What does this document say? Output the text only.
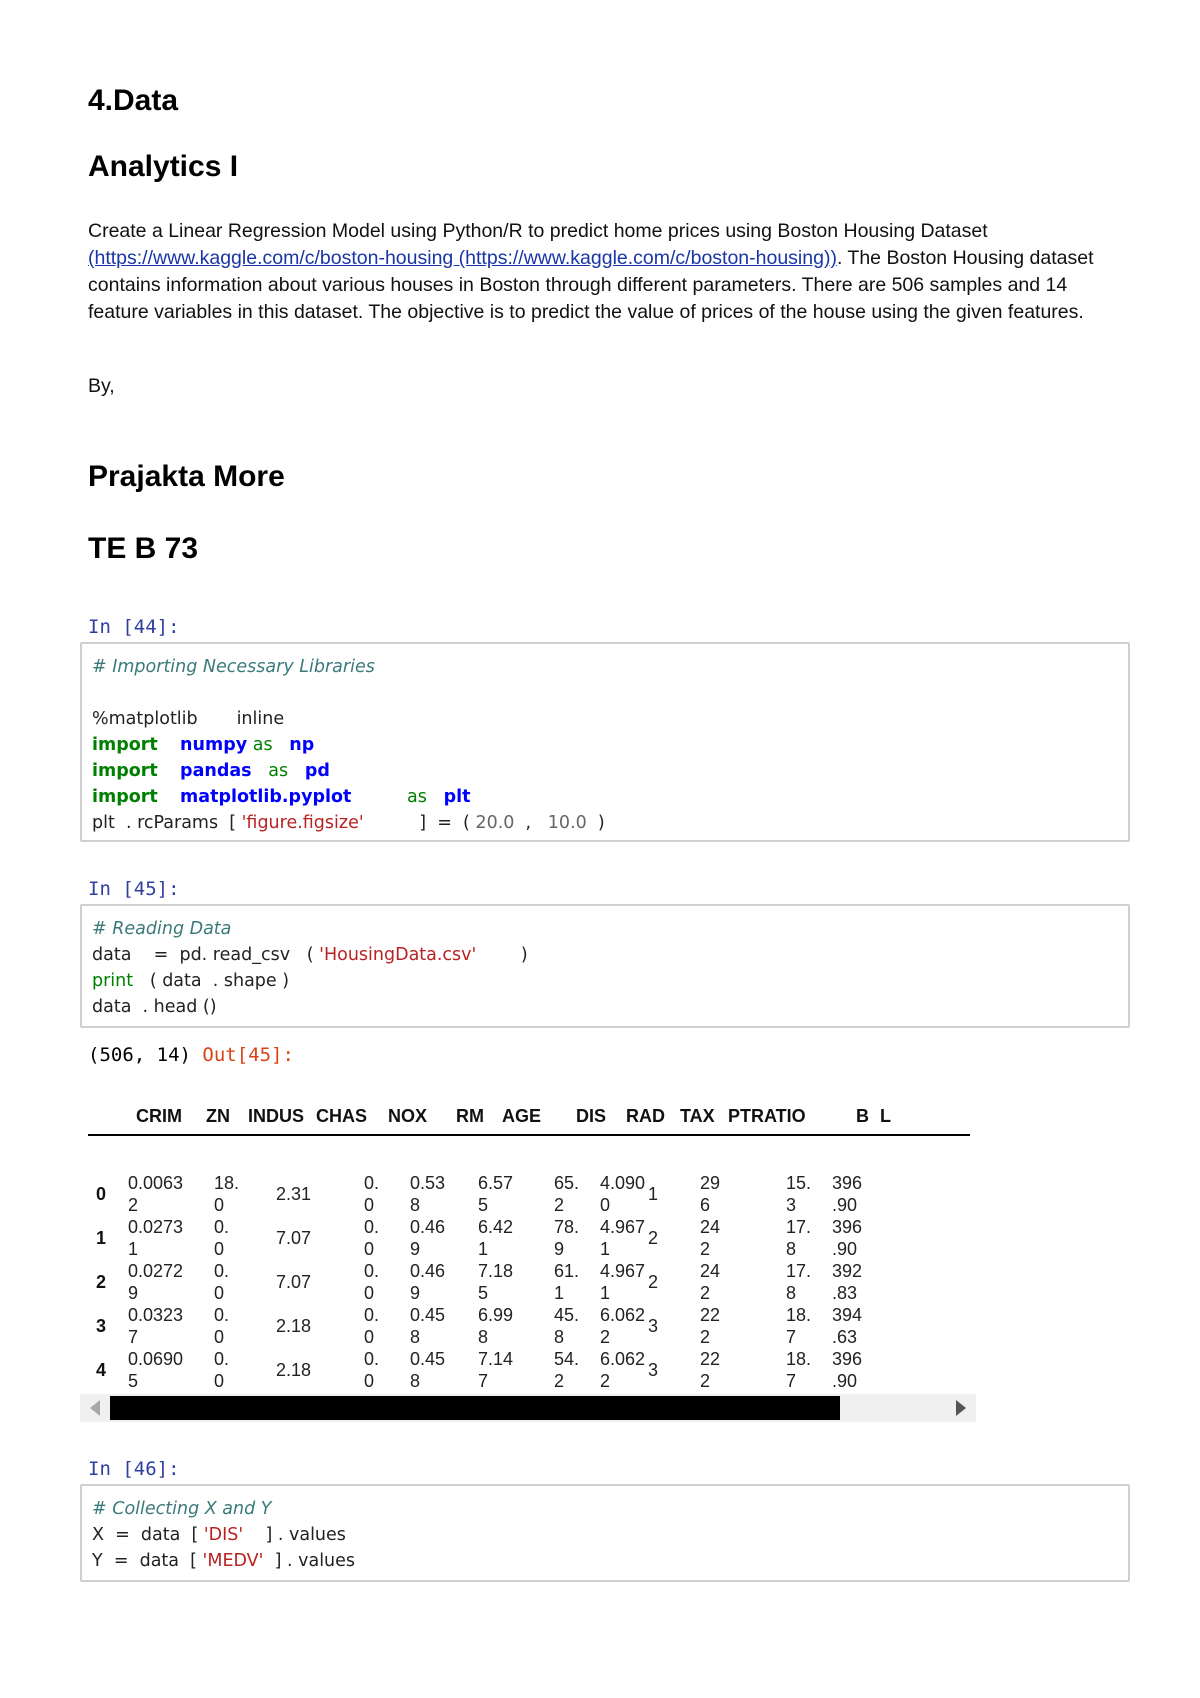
4.Data
Analytics I

Create a Linear Regression Model using Python/R to predict home prices using Boston Housing Dataset (https://www.kaggle.com/c/boston-housing (https://www.kaggle.com/c/boston-housing)). The Boston Housing dataset contains information about various houses in Boston through different parameters. There are 506 samples and 14 feature variables in this dataset. The objective is to predict the value of prices of the house using the given features.

By,

Prajakta More
TE B 73

In [44]:

# Importing Necessary Libraries
%matplotlib       inline
import numpy as np
import pandas as pd
import matplotlib.pyplot	as plt
plt  . rcParams  [ 'figure.figsize'          ]  =  ( 20.0  ,   10.0  )

In [45]:

# Reading Data
data    =  pd. read_csv   ( 'HousingData.csv'        )
print   ( data  . shape )
data  . head ()

(506, 14) Out[45]:

CRIM ZN INDUS CHAS NOX RM AGE DIS RAD TAX PTRATIO	B L
0
0.0063
2
18.
0
2.31
0.
0
0.53
8
6.57
5
65.
2
4.090
0
1
29
6
15.
3
396
.90
1
0.0273
1
0.
0
7.07
0.
0
0.46
9
6.42
1
78.
9
4.967
1
2
24
2
17.
8
396
.90
2
0.0272
9
0.
0
7.07
0.
0
0.46
9
7.18
5
61.
1
4.967
1
2
24
2
17.
8
392
.83
3
0.0323
7
0.
0
2.18
0.
0
0.45
8
6.99
8
45.
8
6.062
2
3
22
2
18.
7
394
.63
4
0.0690
5
0.
0
2.18
0.
0
0.45
8
7.14
7
54.
2
6.062
2
3
22
2
18.
7
396
.90

In [46]:

# Collecting X and Y
X  =  data  [ 'DIS'    ] . values
Y  =  data  [ 'MEDV'  ] . values
